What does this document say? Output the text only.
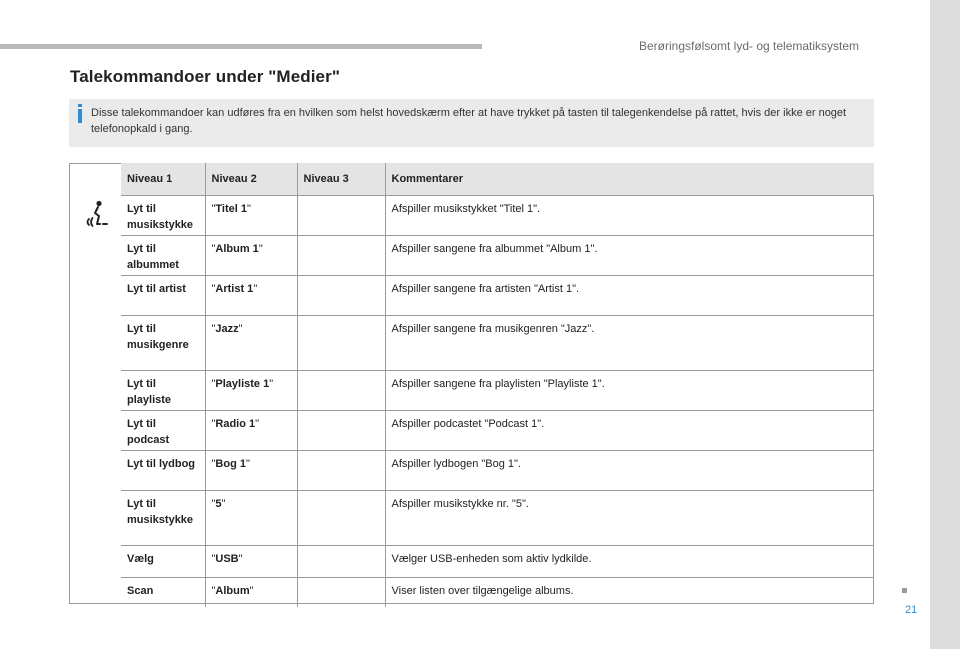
Berøringsfølsomt lyd- og telematiksystem
Talekommandoer under "Medier"
Disse talekommandoer kan udføres fra en hvilken som helst hovedskærm efter at have trykket på tasten til talegenkendelse på rattet, hvis der ikke er noget telefonopkald i gang.
Niveau 1	Niveau 2	Niveau 3	Kommentarer
Lyt til musikstykke	"Titel 1"		Afspiller musikstykket "Titel 1".
Lyt til albummet	"Album 1"		Afspiller sangene fra albummet "Album 1".
Lyt til artist	"Artist 1"		Afspiller sangene fra artisten "Artist 1".
Lyt til musikgenre	"Jazz"		Afspiller sangene fra musikgenren "Jazz".
Lyt til playliste	"Playliste 1"		Afspiller sangene fra playlisten "Playliste 1".
Lyt til podcast	"Radio 1"		Afspiller podcastet "Podcast 1".
Lyt til lydbog	"Bog 1"		Afspiller lydbogen "Bog 1".
Lyt til musikstykke	"5"		Afspiller musikstykke nr. "5".
Vælg	"USB"		Vælger USB-enheden som aktiv lydkilde.
Scan	"Album"		Viser listen over tilgængelige albums.
21
